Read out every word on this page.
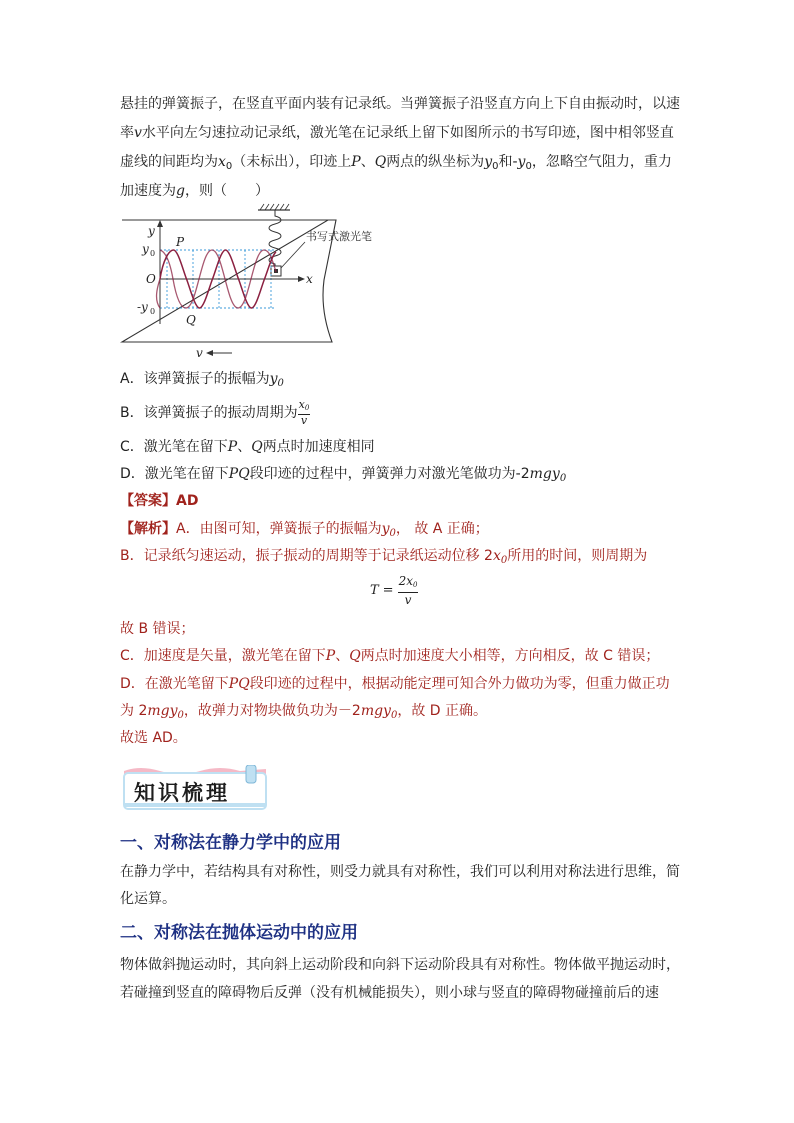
悬挂的弹簧振子，在竖直平面内装有记录纸。当弹簧振子沿竖直方向上下自由振动时，以速
率v水平向左匀速拉动记录纸，激光笔在记录纸上留下如图所示的书写印迹，图中相邻竖直
虚线的间距均为$x_0$（未标出），印迹上P、Q两点的纵坐标为$y_0$和$-y_0$，忽略空气阻力，重力
加速度为g，则（　　）
y
y 0
P
O	x
-y 0
Q
v
书写式激光笔
A．该弹簧振子的振幅为$y_0$
B．该弹簧振子的振动周期为 $\frac{x_0}{v}$
C．激光笔在留下P、Q两点时加速度相同
D．激光笔在留下PQ段印迹的过程中，弹簧弹力对激光笔做功为-2mgy$_0$
【答案】AD
【解析】A．由图可知，弹簧振子的振幅为$y_0$， 故 A 正确；
B．记录纸匀速运动，振子振动的周期等于记录纸运动位移 $2x_0$所用的时间，则周期为
$T = \frac{2x_0}{v}$
故 B 错误；
C．加速度是矢量，激光笔在留下P、Q两点时加速度大小相等，方向相反，故 C 错误；
D．在激光笔留下PQ段印迹的过程中，根据动能定理可知合外力做功为零，但重力做正功
为 2mgy$_0$，故弹力对物块做负功为－2mgy$_0$，故 D 正确。
故选 AD。
知识梳理
一、对称法在静力学中的应用
在静力学中，若结构具有对称性，则受力就具有对称性，我们可以利用对称法进行思维，简
化运算。
二、对称法在抛体运动中的应用
物体做斜抛运动时，其向斜上运动阶段和向斜下运动阶段具有对称性。物体做平抛运动时，
若碰撞到竖直的障碍物后反弹（没有机械能损失），则小球与竖直的障碍物碰撞前后的速
